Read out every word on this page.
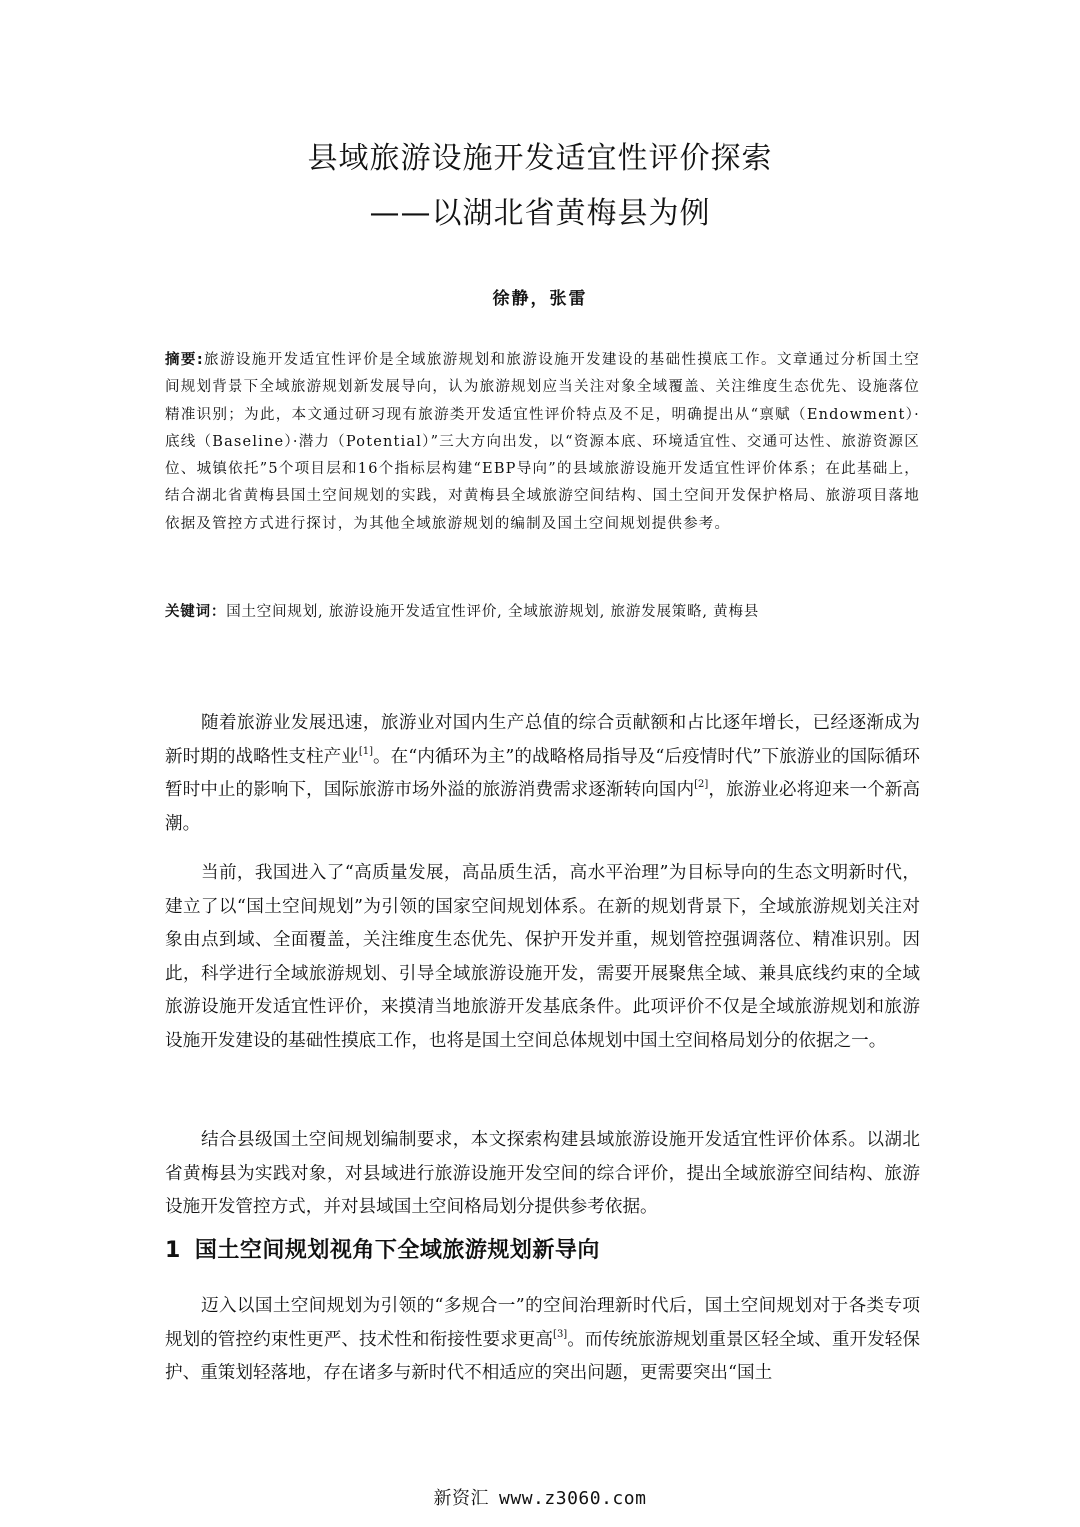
县域旅游设施开发适宜性评价探索
——以湖北省黄梅县为例
徐静，张雷
摘要:旅游设施开发适宜性评价是全域旅游规划和旅游设施开发建设的基础性摸底工作。文章通过分析国土空间规划背景下全域旅游规划新发展导向，认为旅游规划应当关注对象全域覆盖、关注维度生态优先、设施落位精准识别；为此，本文通过研习现有旅游类开发适宜性评价特点及不足，明确提出从“禀赋（Endowment）·底线（Baseline）·潜力（Potential）”三大方向出发，以“资源本底、环境适宜性、交通可达性、旅游资源区位、城镇依托”5个项目层和16个指标层构建“EBP导向”的县域旅游设施开发适宜性评价体系；在此基础上，结合湖北省黄梅县国土空间规划的实践，对黄梅县全域旅游空间结构、国土空间开发保护格局、旅游项目落地依据及管控方式进行探讨，为其他全域旅游规划的编制及国土空间规划提供参考。
关键词：国土空间规划, 旅游设施开发适宜性评价, 全域旅游规划, 旅游发展策略, 黄梅县

随着旅游业发展迅速，旅游业对国内生产总值的综合贡献额和占比逐年增长，已经逐渐成为新时期的战略性支柱产业[1]。在“内循环为主”的战略格局指导及“后疫情时代”下旅游业的国际循环暂时中止的影响下，国际旅游市场外溢的旅游消费需求逐渐转向国内[2]，旅游业必将迎来一个新高潮。

当前，我国进入了“高质量发展，高品质生活，高水平治理”为目标导向的生态文明新时代，建立了以“国土空间规划”为引领的国家空间规划体系。在新的规划背景下，全域旅游规划关注对象由点到域、全面覆盖，关注维度生态优先、保护开发并重，规划管控强调落位、精准识别。因此，科学进行全域旅游规划、引导全域旅游设施开发，需要开展聚焦全域、兼具底线约束的全域旅游设施开发适宜性评价，来摸清当地旅游开发基底条件。此项评价不仅是全域旅游规划和旅游设施开发建设的基础性摸底工作，也将是国土空间总体规划中国土空间格局划分的依据之一。

结合县级国土空间规划编制要求，本文探索构建县域旅游设施开发适宜性评价体系。以湖北省黄梅县为实践对象，对县域进行旅游设施开发空间的综合评价，提出全域旅游空间结构、旅游设施开发管控方式，并对县域国土空间格局划分提供参考依据。

1 国土空间规划视角下全域旅游规划新导向

迈入以国土空间规划为引领的“多规合一”的空间治理新时代后，国土空间规划对于各类专项规划的管控约束性更严、技术性和衔接性要求更高[3]。而传统旅游规划重景区轻全域、重开发轻保护、重策划轻落地，存在诸多与新时代不相适应的突出问题，更需要突出“国土

新资汇 www.z3060.com
